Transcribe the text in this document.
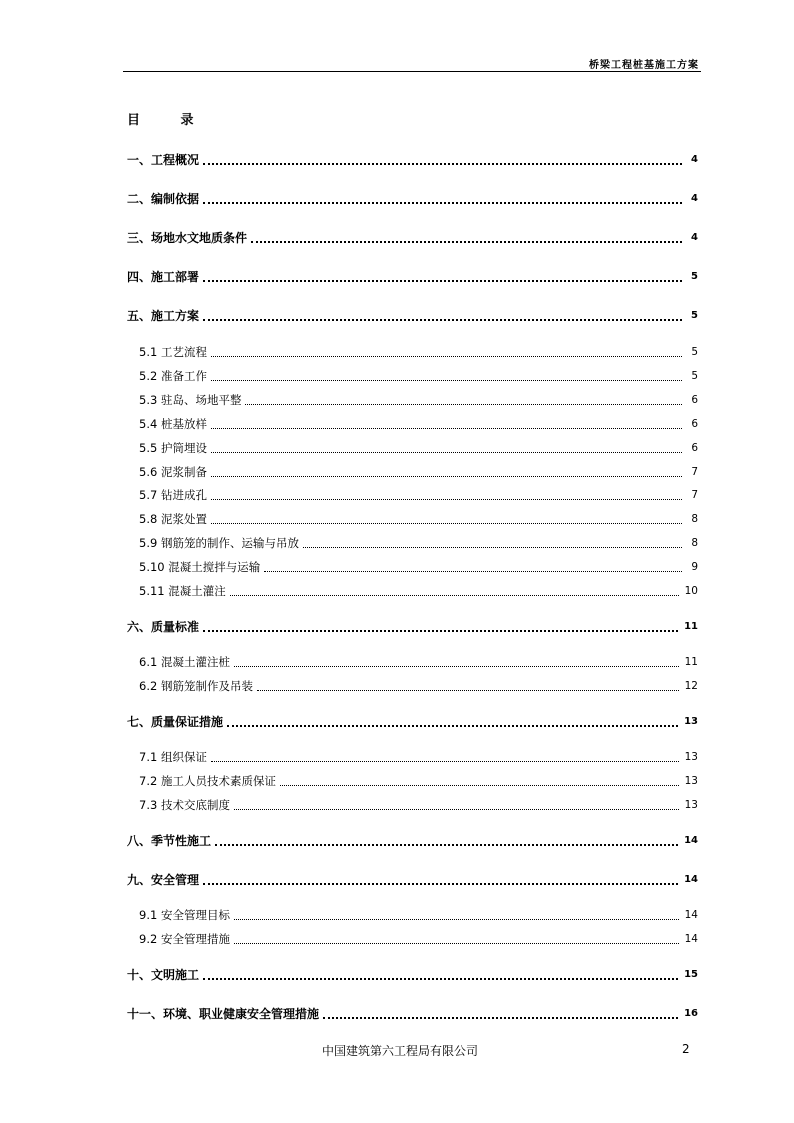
桥梁工程桩基施工方案
目 录
一、工程概况	4
二、编制依据	4
三、场地水文地质条件	4
四、施工部署	5
五、施工方案	5
5.1 工艺流程	5
5.2 准备工作	5
5.3 驻岛、场地平整	6
5.4 桩基放样	6
5.5 护筒埋设	6
5.6 泥浆制备	7
5.7 钻进成孔	7
5.8 泥浆处置	8
5.9 钢筋笼的制作、运输与吊放	8
5.10 混凝土搅拌与运输	9
5.11 混凝土灌注	10
六、质量标准	11
6.1 混凝土灌注桩	11
6.2 钢筋笼制作及吊装	12
七、质量保证措施	13
7.1 组织保证	13
7.2 施工人员技术素质保证	13
7.3 技术交底制度	13
八、季节性施工	14
九、安全管理	14
9.1 安全管理目标	14
9.2 安全管理措施	14
十、文明施工	15
十一、环境、职业健康安全管理措施	16
中国建筑第六工程局有限公司	2
